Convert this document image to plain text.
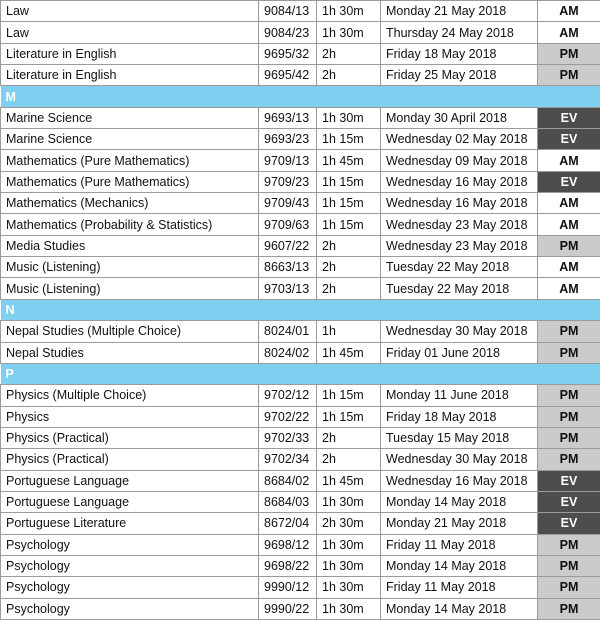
Law	9084/13	1h 30m	Monday 21 May 2018	AM
Law	9084/23	1h 30m	Thursday 24 May 2018	AM
Literature in English	9695/32	2h	Friday 18 May 2018	PM
Literature in English	9695/42	2h	Friday 25 May 2018	PM
M				
Marine Science	9693/13	1h 30m	Monday 30 April 2018	EV
Marine Science	9693/23	1h 15m	Wednesday 02 May 2018	EV
Mathematics (Pure Mathematics)	9709/13	1h 45m	Wednesday 09 May 2018	AM
Mathematics (Pure Mathematics)	9709/23	1h 15m	Wednesday 16 May 2018	EV
Mathematics (Mechanics)	9709/43	1h 15m	Wednesday 16 May 2018	AM
Mathematics (Probability & Statistics)	9709/63	1h 15m	Wednesday 23 May 2018	AM
Media Studies	9607/22	2h	Wednesday 23 May 2018	PM
Music (Listening)	8663/13	2h	Tuesday 22 May 2018	AM
Music (Listening)	9703/13	2h	Tuesday 22 May 2018	AM
N				
Nepal Studies (Multiple Choice)	8024/01	1h	Wednesday 30 May 2018	PM
Nepal Studies	8024/02	1h 45m	Friday 01 June 2018	PM
P				
Physics (Multiple Choice)	9702/12	1h 15m	Monday 11 June 2018	PM
Physics	9702/22	1h 15m	Friday 18 May 2018	PM
Physics (Practical)	9702/33	2h	Tuesday 15 May 2018	PM
Physics (Practical)	9702/34	2h	Wednesday 30 May 2018	PM
Portuguese Language	8684/02	1h 45m	Wednesday 16 May 2018	EV
Portuguese Language	8684/03	1h 30m	Monday 14 May 2018	EV
Portuguese Literature	8672/04	2h 30m	Monday 21 May 2018	EV
Psychology	9698/12	1h 30m	Friday 11 May 2018	PM
Psychology	9698/22	1h 30m	Monday 14 May 2018	PM
Psychology	9990/12	1h 30m	Friday 11 May 2018	PM
Psychology	9990/22	1h 30m	Monday 14 May 2018	PM
